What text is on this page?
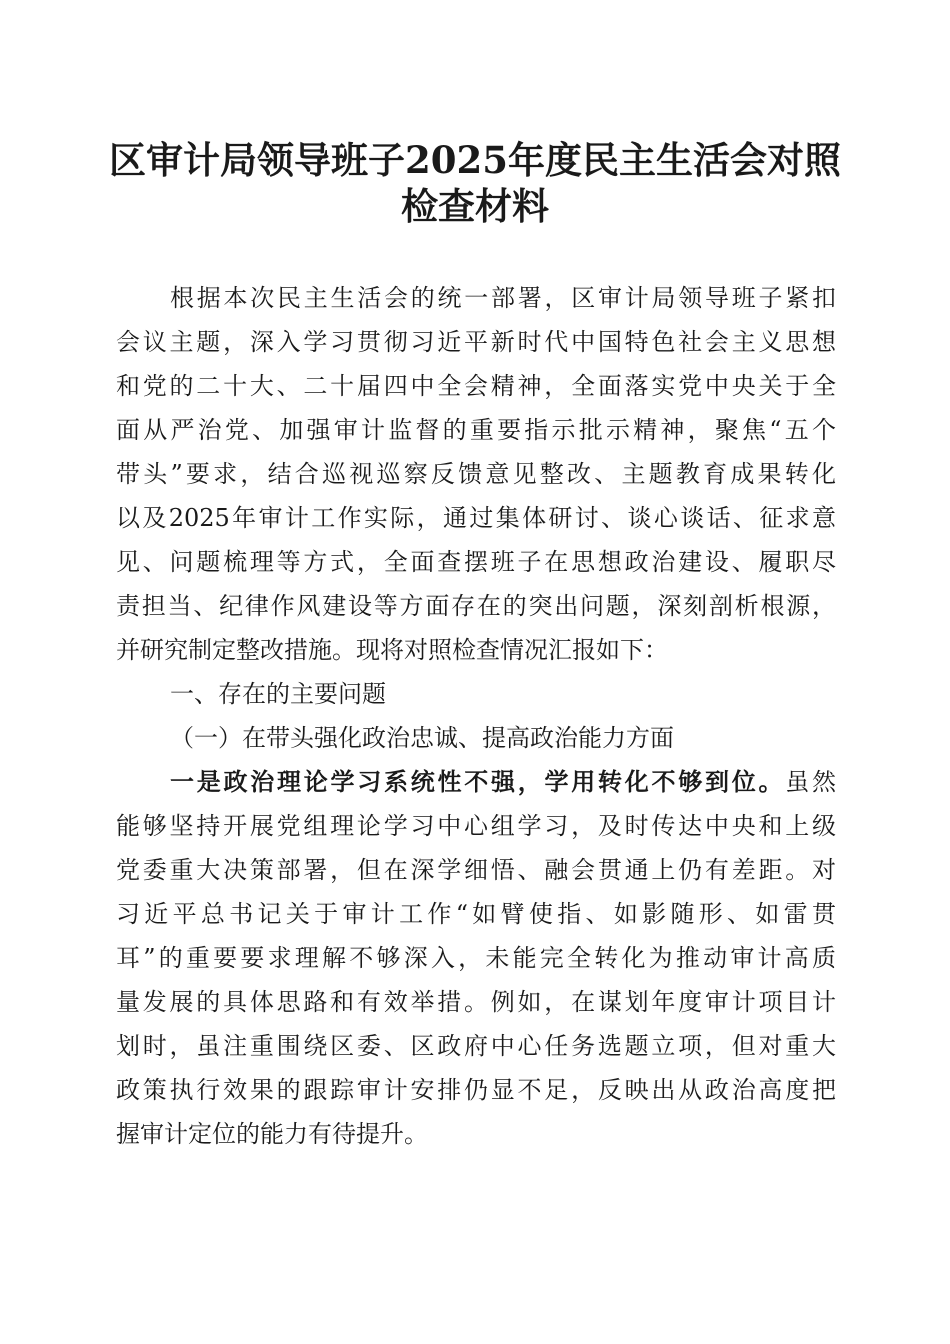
区审计局领导班子2025年度民主生活会对照
检查材料
根据本次民主生活会的统一部署，区审计局领导班子紧扣
会议主题，深入学习贯彻习近平新时代中国特色社会主义思想
和党的二十大、二十届四中全会精神，全面落实党中央关于全
面从严治党、加强审计监督的重要指示批示精神，聚焦“五个
带头”要求，结合巡视巡察反馈意见整改、主题教育成果转化
以及2025年审计工作实际，通过集体研讨、谈心谈话、征求意
见、问题梳理等方式，全面查摆班子在思想政治建设、履职尽
责担当、纪律作风建设等方面存在的突出问题，深刻剖析根源，
并研究制定整改措施。现将对照检查情况汇报如下：
一、存在的主要问题
（一）在带头强化政治忠诚、提高政治能力方面
一是政治理论学习系统性不强，学用转化不够到位。虽然
能够坚持开展党组理论学习中心组学习，及时传达中央和上级
党委重大决策部署，但在深学细悟、融会贯通上仍有差距。对
习近平总书记关于审计工作“如臂使指、如影随形、如雷贯
耳”的重要要求理解不够深入，未能完全转化为推动审计高质
量发展的具体思路和有效举措。例如，在谋划年度审计项目计
划时，虽注重围绕区委、区政府中心任务选题立项，但对重大
政策执行效果的跟踪审计安排仍显不足，反映出从政治高度把
握审计定位的能力有待提升。
